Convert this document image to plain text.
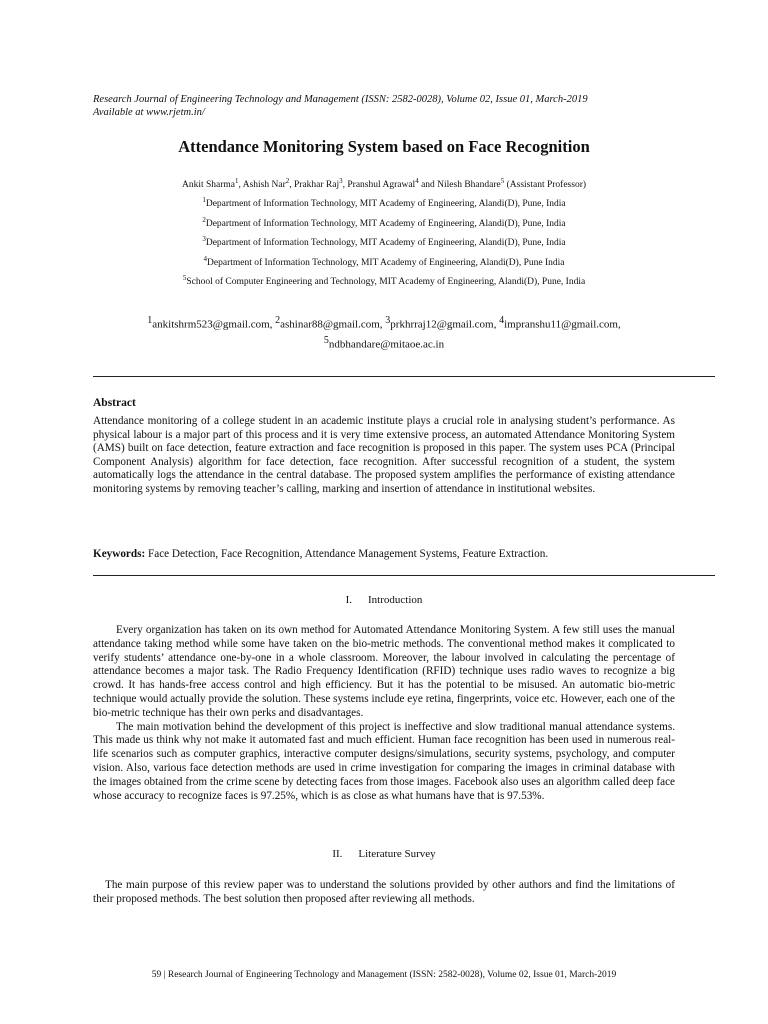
Research Journal of Engineering Technology and Management (ISSN: 2582-0028), Volume 02, Issue 01, March-2019
Available at www.rjetm.in/
Attendance Monitoring System based on Face Recognition
Ankit Sharma$^1$, Ashish Nar$^2$, Prakhar Raj$^3$, Pranshul Agrawal$^4$ and Nilesh Bhandare$^5$ (Assistant Professor)
$^1$Department of Information Technology, MIT Academy of Engineering, Alandi(D), Pune, India
$^2$Department of Information Technology, MIT Academy of Engineering, Alandi(D), Pune, India
$^3$Department of Information Technology, MIT Academy of Engineering, Alandi(D), Pune, India
$^4$Department of Information Technology, MIT Academy of Engineering, Alandi(D), Pune India
$^5$School of Computer Engineering and Technology, MIT Academy of Engineering, Alandi(D), Pune, India
$^1$ankitshrm523@gmail.com, $^2$ashinar88@gmail.com, $^3$prkhrraj12@gmail.com, $^4$impranshu11@gmail.com,
$^5$ndbhandare@mitaoe.ac.in
Abstract
Attendance monitoring of a college student in an academic institute plays a crucial role in analysing student’s performance. As physical labour is a major part of this process and it is very time extensive process, an automated Attendance Monitoring System (AMS) built on face detection, feature extraction and face recognition is proposed in this paper. The system uses PCA (Principal Component Analysis) algorithm for face detection, face recognition. After successful recognition of a student, the system automatically logs the attendance in the central database. The proposed system amplifies the performance of existing attendance monitoring systems by removing teacher’s calling, marking and insertion of attendance in institutional websites.
Keywords: Face Detection, Face Recognition, Attendance Management Systems, Feature Extraction.
I. Introduction

Every organization has taken on its own method for Automated Attendance Monitoring System. A few still uses the manual attendance taking method while some have taken on the bio-metric methods. The conventional method makes it complicated to verify students’ attendance one-by-one in a whole classroom. Moreover, the labour involved in calculating the percentage of attendance becomes a major task. The Radio Frequency Identification (RFID) technique uses radio waves to recognize a big crowd. It has hands-free access control and high efficiency. But it has the potential to be misused. An automatic bio-metric technique would actually provide the solution. These systems include eye retina, fingerprints, voice etc. However, each one of the bio-metric technique has their own perks and disadvantages.

The main motivation behind the development of this project is ineffective and slow traditional manual attendance systems. This made us think why not make it automated fast and much efficient. Human face recognition has been used in numerous real-life scenarios such as computer graphics, interactive computer designs/simulations, security systems, psychology, and computer vision. Also, various face detection methods are used in crime investigation for comparing the images in criminal database with the images obtained from the crime scene by detecting faces from those images. Facebook also uses an algorithm called deep face whose accuracy to recognize faces is 97.25%, which is as close as what humans have that is 97.53%.

II. Literature Survey

The main purpose of this review paper was to understand the solutions provided by other authors and find the limitations of their proposed methods. The best solution then proposed after reviewing all methods.

59 | Research Journal of Engineering Technology and Management (ISSN: 2582-0028), Volume 02, Issue 01, March-2019
